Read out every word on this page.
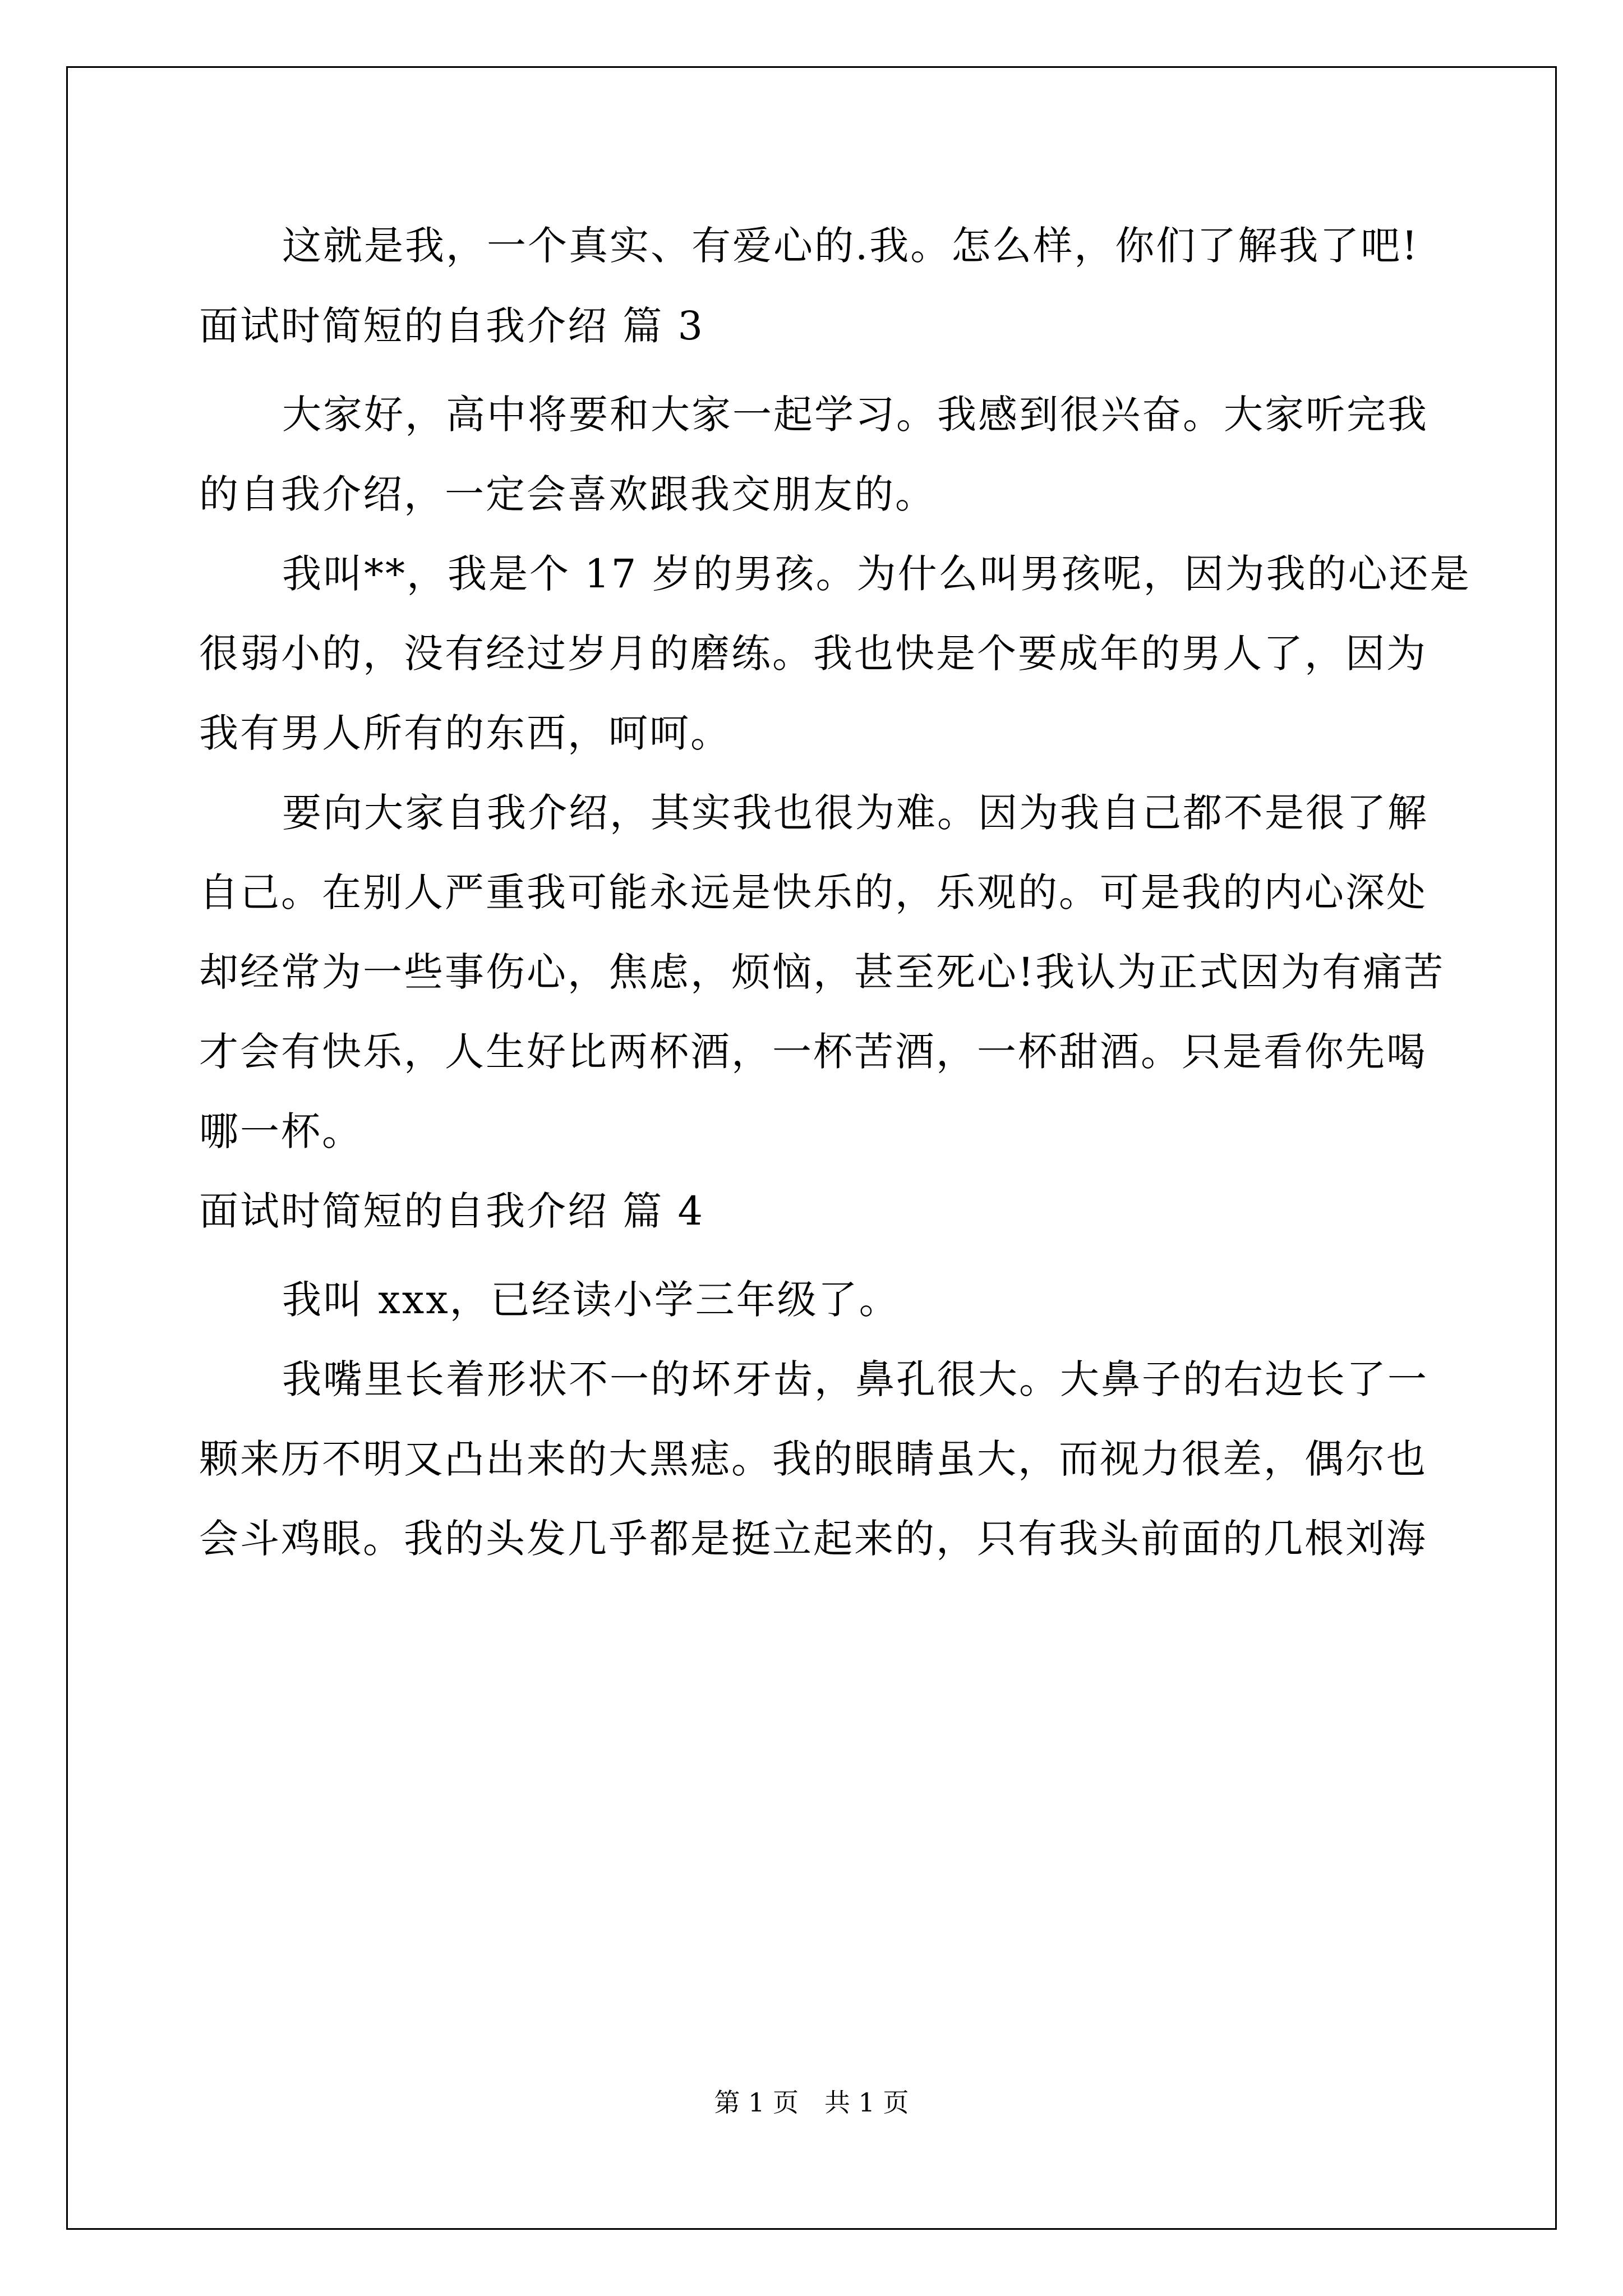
这就是我，一个真实、有爱心的.我。怎么样，你们了解我了吧!
面试时简短的自我介绍 篇 3
大家好，高中将要和大家一起学习。我感到很兴奋。大家听完我
的自我介绍，一定会喜欢跟我交朋友的。
我叫**，我是个 17 岁的男孩。为什么叫男孩呢，因为我的心还是
很弱小的，没有经过岁月的磨练。我也快是个要成年的男人了，因为
我有男人所有的东西，呵呵。
要向大家自我介绍，其实我也很为难。因为我自己都不是很了解
自己。在别人严重我可能永远是快乐的，乐观的。可是我的内心深处
却经常为一些事伤心，焦虑，烦恼，甚至死心!我认为正式因为有痛苦
才会有快乐，人生好比两杯酒，一杯苦酒，一杯甜酒。只是看你先喝
哪一杯。
面试时简短的自我介绍 篇 4
我叫 xxx，已经读小学三年级了。
我嘴里长着形状不一的坏牙齿，鼻孔很大。大鼻子的右边长了一
颗来历不明又凸出来的大黑痣。我的眼睛虽大，而视力很差，偶尔也
会斗鸡眼。我的头发几乎都是挺立起来的，只有我头前面的几根刘海
第 1 页　共 1 页
